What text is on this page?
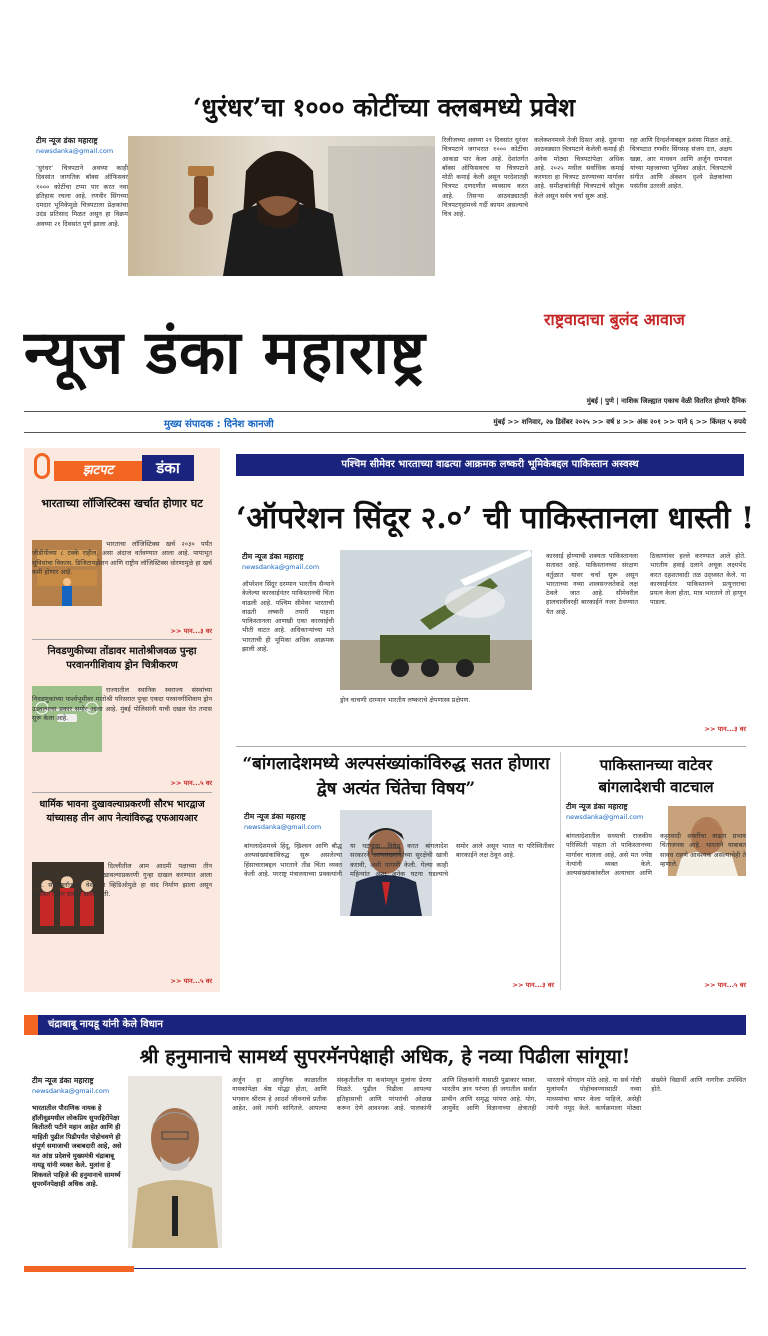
‘धुरंधर’चा १००० कोटींच्या क्लबमध्ये प्रवेश
टीम न्यूज डंका महाराष्ट्र
newsdanka@gmail.com
‘धुरंधर’ चित्रपटाने अवघ्या काही दिवसांत जागतिक बॉक्स ऑफिसवर १००० कोटींचा टप्पा पार करत नवा इतिहास रचला आहे. रणवीर सिंगच्या दमदार भूमिकेमुळे चित्रपटाला प्रेक्षकांचा उदंड प्रतिसाद मिळत असून हा विक्रम अवघ्या २१ दिवसांत पूर्ण झाला आहे.
रिलीजच्या अवघ्या २१ दिवसांत धुरंधर चित्रपटाने जगभरात १००० कोटींचा आकडा पार केला आहे. देशांतर्गत बॉक्स ऑफिसवरच या चित्रपटाने मोठी कमाई केली असून परदेशातही चित्रपट दणदणीत व्यवसाय करत आहे. तिसऱ्या आठवड्यातही चित्रपटगृहांमध्ये गर्दी कायम असल्याचे चित्र आहे.
कलेक्शनमध्ये तेजी दिसत आहे. दुसऱ्या आठवड्यात चित्रपटाने केलेली कमाई ही अनेक मोठ्या चित्रपटांपेक्षा अधिक आहे. २०२५ मधील सर्वाधिक कमाई करणारा हा चित्रपट ठरण्याच्या मार्गावर आहे. समीक्षकांनीही चित्रपटाचे कौतुक केले असून सर्वत्र चर्चा सुरू आहे.
रहा आणि दिग्दर्शनाबद्दल प्रशंसा मिळत आहे. चित्रपटात रणवीर सिंगसह संजय दत्त, अक्षय खन्ना, आर माधवन आणि अर्जुन रामपाल यांच्या महत्त्वाच्या भूमिका आहेत. चित्रपटाचे संगीत आणि ॲक्शन दृश्ये प्रेक्षकांच्या पसंतीस उतरली आहेत.
राष्ट्रवादाचा बुलंद आवाज
न्यूज डंका महाराष्ट्र
मुंबई | पुणे | नाशिक जिल्ह्यात एकाच वेळी वितरित होणारे दैनिक
मुख्य संपादक : दिनेश कानजी	मुंबई >> शनिवार, २७ डिसेंबर २०२५ >> वर्ष ४ >> अंक २०१ >> पाने ६ >> किंमत ५ रुपये
झटपट	डंका
भारताच्या लॉजिस्टिक्स खर्चात होणार घट
भारताचा लॉजिस्टिक्स खर्च २०३० पर्यंत जीडीपीच्या ८ टक्के राहील, असा अंदाज वर्तवण्यात आला आहे. पायाभूत सुविधांचा विकास, डिजिटायझेशन आणि राष्ट्रीय लॉजिस्टिक्स धोरणामुळे हा खर्च कमी होणार आहे.
>> पान...३ वर
निवडणुकीच्या तोंडावर मातोश्रीजवळ पुन्हा परवानगीशिवाय ड्रोन चित्रीकरण
राज्यातील स्थानिक स्वराज्य संस्थांच्या निवडणुकांच्या पार्श्वभूमीवर मातोश्री परिसरात पुन्हा एकदा परवानगीशिवाय ड्रोन उडवल्याचा प्रकार समोर आला आहे. मुंबई पोलिसांनी याची दखल घेत तपास सुरू केला आहे.
>> पान...५ वर
धार्मिक भावना दुखावल्याप्रकरणी सौरभ भारद्वाज यांच्यासह तीन आप नेत्यांविरुद्ध एफआयआर
दिल्लीतील आम आदमी पक्षाच्या तीन नेत्यांविरुद्ध धार्मिक भावना दुखावल्याप्रकरणी गुन्हा दाखल करण्यात आला आहे. सांताक्लॉजच्या वेशातील व्हिडिओमुळे हा वाद निर्माण झाला असून याबाबत तक्रार दाखल झाली होती.
>> पान...५ वर
पश्चिम सीमेवर भारताच्या वाढत्या आक्रमक लष्करी भूमिकेबद्दल पाकिस्तान अस्वस्थ
‘ऑपरेशन सिंदूर २.०’ ची पाकिस्तानला धास्ती !
टीम न्यूज डंका महाराष्ट्र
newsdanka@gmail.com
ऑपरेशन सिंदूर दरम्यान भारतीय सैन्याने केलेल्या कारवाईनंतर पाकिस्तानची चिंता वाढली आहे. पश्चिम सीमेवर भारताची वाढती लष्करी तयारी पाहता पाकिस्तानला आणखी एका कारवाईची भीती वाटत आहे. अधिकाऱ्यांच्या मते भारताची ही भूमिका अधिक आक्रमक झाली आहे.
ड्रोन चाचणी दरम्यान भारतीय लष्कराचे क्षेपणास्त्र प्रक्षेपण.
कारवाई होण्याची शक्यता पाकिस्तानला सतावत आहे. पाकिस्तानच्या संरक्षण वर्तुळात यावर चर्चा सुरू असून भारताच्या नव्या शस्त्रसज्जतेकडे लक्ष ठेवले जात आहे. सीमेवरील हालचालींवरही बारकाईने नजर ठेवण्यात येत आहे.
ठिकाणांवर हल्ले करण्यात आले होते. भारतीय हवाई दलाने अचूक लक्ष्यभेद करत दहशतवादी तळ उद्ध्वस्त केले. या कारवाईनंतर पाकिस्तानने प्रत्युत्तराचा प्रयत्न केला होता, मात्र भारताने तो हाणून पाडला.
>> पान...३ वर
“बांगलादेशमध्ये अल्पसंख्यांकांविरुद्ध सतत होणारा द्वेष अत्यंत चिंतेचा विषय”
टीम न्यूज डंका महाराष्ट्र
newsdanka@gmail.com
बांगलादेशमध्ये हिंदू, ख्रिश्चन आणि बौद्ध अल्पसंख्यांकांविरुद्ध सुरू असलेल्या हिंसाचाराबद्दल भारताने तीव्र चिंता व्यक्त केली आहे. परराष्ट्र मंत्रालयाच्या प्रवक्त्यांनी या घटनांचा निषेध करत बांगलादेश सरकारने अल्पसंख्यांकांच्या सुरक्षेची खात्री करावी, अशी मागणी केली. गेल्या काही महिन्यांत अशा अनेक घटना घडल्याचे समोर आले असून भारत या परिस्थितीवर बारकाईने लक्ष ठेवून आहे.
>> पान...३ वर
पाकिस्तानच्या वाटेवर बांगलादेशची वाटचाल
टीम न्यूज डंका महाराष्ट्र
newsdanka@gmail.com
बांगलादेशातील सध्याची राजकीय परिस्थिती पाहता तो पाकिस्तानच्या मार्गावर चालला आहे, असे मत ज्येष्ठ नेत्यांनी व्यक्त केले. अल्पसंख्यांकांवरील अत्याचार आणि कट्टरवादी शक्तींचा वाढता प्रभाव चिंताजनक आहे. भारताने याबाबत सावध राहणे आवश्यक असल्याचेही ते म्हणाले.
>> पान...५ वर
चंद्राबाबू नायडू यांनी केले विधान
श्री हनुमानाचे सामर्थ्य सुपरमॅनपेक्षाही अधिक, हे नव्या पिढीला सांगूया!
टीम न्यूज डंका महाराष्ट्र
newsdanka@gmail.com
भारतातील पौराणिक नायक हे हॉलीवूडमधील लोकप्रिय सुपरहिरोंपेक्षा कितीतरी पटीने महान आहेत आणि ही माहिती पुढील पिढीपर्यंत पोहोचवणे ही संपूर्ण समाजाची जबाबदारी आहे, असे मत आंध्र प्रदेशचे मुख्यमंत्री चंद्राबाबू नायडू यांनी व्यक्त केले. मुलांना हे शिकवले पाहिजे की हनुमानाचे सामर्थ्य सुपरमॅनपेक्षाही अधिक आहे.
अर्जुन हा आधुनिक काळातील नायकांपेक्षा श्रेष्ठ योद्धा होता, आणि भगवान श्रीराम हे आदर्श जीवनाचे प्रतीक आहेत, असे त्यांनी सांगितले. आपल्या संस्कृतीतील या कथांमधून मुलांना प्रेरणा मिळते. पुढील पिढीला आपल्या इतिहासाची आणि परंपरांची ओळख करून देणे आवश्यक आहे. पालकांनी आणि शिक्षकांनी यासाठी पुढाकार घ्यावा. भारतीय ज्ञान परंपरा ही जगातील सर्वात प्राचीन आणि समृद्ध परंपरा आहे. योग, आयुर्वेद आणि विज्ञानाच्या क्षेत्रातही भारताचे योगदान मोठे आहे. या सर्व गोष्टी मुलांपर्यंत पोहोचवण्यासाठी नव्या माध्यमांचा वापर केला पाहिजे, असेही त्यांनी नमूद केले. कार्यक्रमाला मोठ्या संख्येने विद्यार्थी आणि नागरिक उपस्थित होते.
